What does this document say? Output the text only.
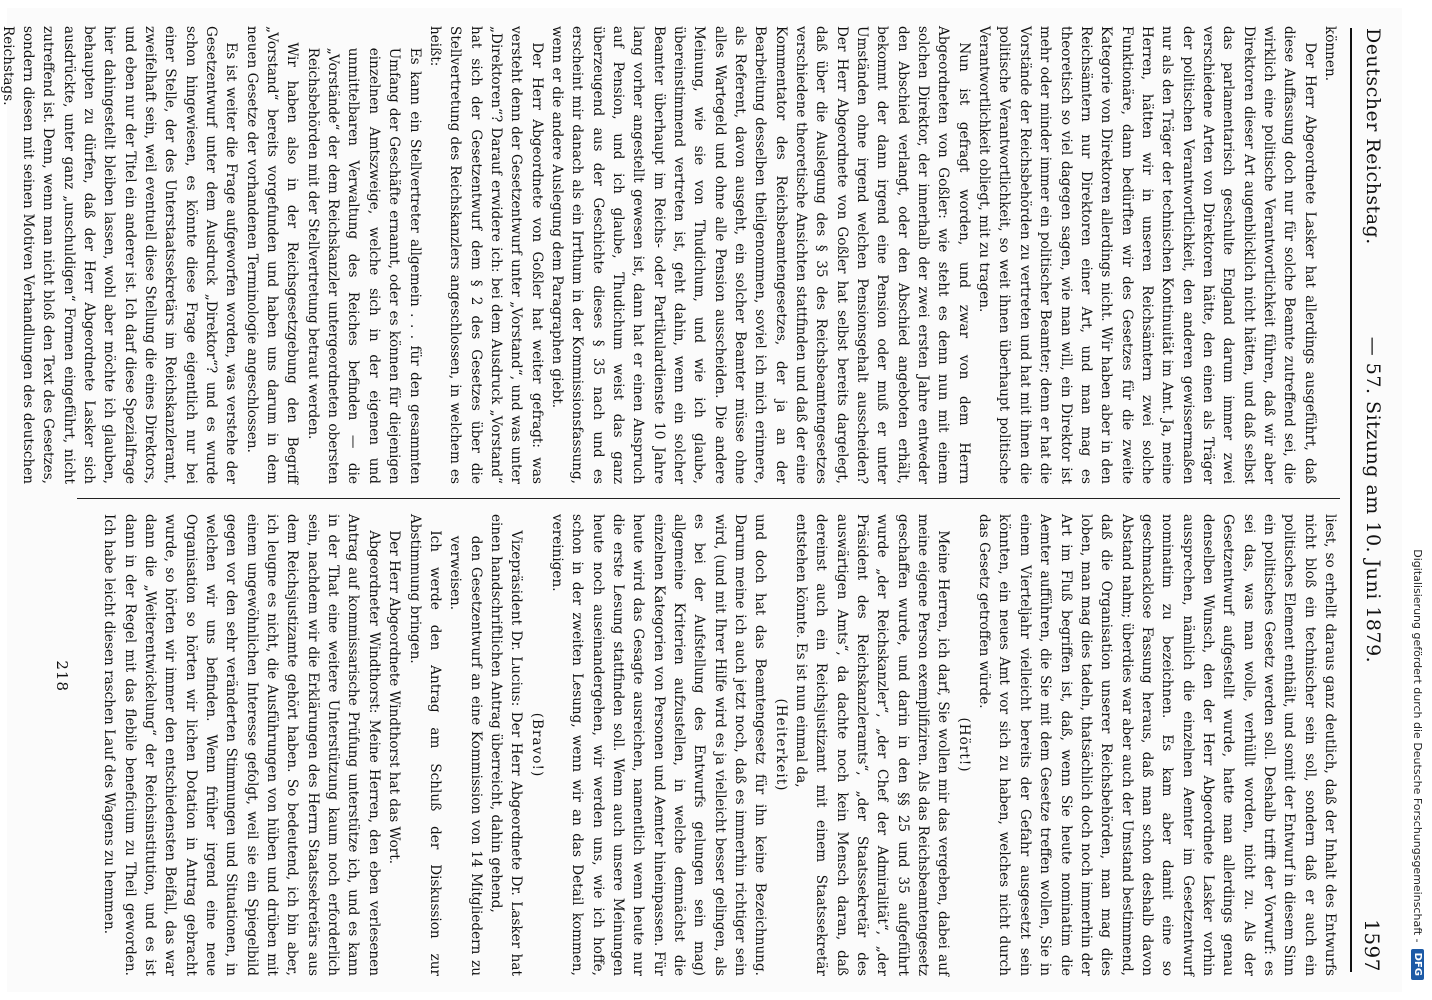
Digitalisierung gefördert durch die Deutsche Forschungsgemeinschaft -
DFG
Deutscher Reichstag.
— 57. Sitzung am 10. Juni 1879.
1597

können.

Der Herr Abgeordnete Lasker hat allerdings ausgeführt, daß diese Auffassung doch nur für solche Beamte zutreffend sei, die wirklich eine politische Verantwortlichkeit führen, daß wir aber Direktoren dieser Art augenblicklich nicht hätten, und daß selbst das parlamentarisch geschulte England darum immer zwei verschiedene Arten von Direktoren hätte, den einen als Träger der politischen Verantwortlichkeit, den anderen gewissermaßen nur als den Träger der technischen Kontinuität im Amt. Ja, meine Herren, hätten wir in unseren Reichsämtern zwei solche Funktionäre, dann bedürften wir des Gesetzes für die zweite Kategorie von Direktoren allerdings nicht. Wir haben aber in den Reichsämtern nur Direktoren einer Art, und man mag es theoretisch so viel dagegen sagen, wie man will, ein Direktor ist mehr oder minder immer ein politischer Beamter; denn er hat die Vorstände der Reichsbehörden zu vertreten und hat mit ihnen die politische Verantwortlichkeit, so weit ihnen überhaupt politische Verantwortlichkeit obliegt, mit zu tragen.

Nun ist gefragt worden, und zwar von dem Herrn Abgeordneten von Goßler: wie steht es denn nun mit einem solchen Direktor, der innerhalb der zwei ersten Jahre entweder den Abschied verlangt, oder den Abschied angeboten erhält, bekommt der dann irgend eine Pension oder muß er unter Umständen ohne irgend welchen Pensionsgehalt ausscheiden? Der Herr Abgeordnete von Goßler hat selbst bereits dargelegt, daß über die Auslegung des § 35 des Reichsbeamtengesetzes verschiedene theoretische Ansichten stattfinden und daß der eine Kommentator des Reichsbeamtengesetzes, der ja an der Bearbeitung desselben theilgenommen, soviel ich mich erinnere, als Referent, davon ausgeht, ein solcher Beamter müsse ohne alles Wartegeld und ohne alle Pension ausscheiden. Die andere Meinung, wie sie von Thudichum, und wie ich glaube, übereinstimmend vertreten ist, geht dahin, wenn ein solcher Beamter überhaupt im Reichs- oder Partikulardienste 10 Jahre lang vorher angestellt gewesen ist, dann hat er einen Anspruch auf Pension, und ich glaube, Thudichum weist das ganz überzeugend aus der Geschichte dieses § 35 nach und es erscheint mir danach als ein Irrthum in der Kommissionsfassung, wenn er die andere Auslegung dem Paragraphen giebt.

Der Herr Abgeordnete von Goßler hat weiter gefragt: was versteht denn der Gesetzentwurf unter „Vorstand“, und was unter „Direktoren“? Darauf erwidere ich: bei dem Ausdruck „Vorstand“ hat sich der Gesetzentwurf dem § 2 des Gesetzes über die Stellvertretung des Reichskanzlers angeschlossen, in welchem es heißt:

Es kann ein Stellvertreter allgemein . . . für den gesammten Umfang der Geschäfte ernannt, oder es können für diejenigen einzelnen Amtszweige, welche sich in der eigenen und unmittelbaren Verwaltung des Reiches befinden — die „Vorstände“ der dem Reichskanzler untergeordneten obersten Reichsbehörden mit der Stellvertretung betraut werden.

Wir haben also in der Reichsgesetzgebung den Begriff „Vorstand“ bereits vorgefunden und haben uns darum in dem neuen Gesetze der vorhandenen Terminologie angeschlossen.

Es ist weiter die Frage aufgeworfen worden, was verstehe der Gesetzentwurf unter dem Ausdruck „Direktor“? und es wurde schon hingewiesen, es könnte diese Frage eigentlich nur bei einer Stelle, der des Unterstaatssekretärs im Reichskanzleramt, zweifelhaft sein, weil eventuell diese Stellung die eines Direktors, und eben nur der Titel ein anderer ist. Ich darf diese Spezialfrage hier dahingestellt bleiben lassen, wohl aber möchte ich glauben, behaupten zu dürfen, daß der Herr Abgeordnete Lasker sich ausdrückte, unter ganz „unschuldigen“ Formen eingeführt, nicht zutreffend ist. Denn, wenn man nicht bloß den Text des Gesetzes, sondern diesen mit seinen Motiven Verhandlungen des deutschen Reichstags.

liest, so erhellt daraus ganz deutlich, daß der Inhalt des Entwurfs nicht bloß ein technischer sein soll, sondern daß er auch ein politisches Element enthält, und somit der Entwurf in diesem Sinn ein politisches Gesetz werden soll. Deshalb trifft der Vorwurf: es sei das, was man wolle, verhüllt worden, nicht zu. Als der Gesetzentwurf aufgestellt wurde, hatte man allerdings genau denselben Wunsch, den der Herr Abgeordnete Lasker vorhin aussprechen, nämlich die einzelnen Aemter im Gesetzentwurf nominatim zu bezeichnen. Es kam aber damit eine so geschmacklose Fassung heraus, daß man schon deshalb davon Abstand nahm; überdies war aber auch der Umstand bestimmend, daß die Organisation unserer Reichsbehörden, man mag dies loben, man mag dies tadeln, thatsächlich doch noch immerhin der Art im Fluß begriffen ist, daß, wenn Sie heute nominatim die Aemter aufführen, die Sie mit dem Gesetze treffen wollen, Sie in einem Vierteljahr vielleicht bereits der Gefahr ausgesetzt sein könnten, ein neues Amt vor sich zu haben, welches nicht durch das Gesetz getroffen würde.

(Hört!)

Meine Herren, ich darf, Sie wollen mir das vergeben, dabei auf meine eigene Person exemplifiziren. Als das Reichsbeamtengesetz geschaffen wurde, und darin in den §§ 25 und 35 aufgeführt wurde „der Reichskanzler“, „der Chef der Admiralität“, „der Präsident des Reichskanzleramts“, „der Staatssekretär des auswärtigen Amts“, da dachte noch kein Mensch daran, daß dereinst auch ein Reichsjustizamt mit einem Staatssekretär entstehen könnte. Es ist nun einmal da,

(Heiterkeit)

und doch hat das Beamtengesetz für ihn keine Bezeichnung. Darum meine ich auch jetzt noch, daß es immerhin richtiger sein wird, (und mit Ihrer Hilfe wird es ja vielleicht besser gelingen, als es bei der Aufstellung des Entwurfs gelungen sein mag) allgemeine Kriterien aufzustellen, in welche demnächst die einzelnen Kategorien von Personen und Aemter hineinpassen. Für heute wird das Gesagte ausreichen, namentlich wenn heute nur die erste Lesung stattfinden soll. Wenn auch unsere Meinungen heute noch auseinandergehen, wir werden uns, wie ich hoffe, schon in der zweiten Lesung, wenn wir an das Detail kommen, vereinigen.

(Bravo!)

Vizepräsident Dr. Lucius: Der Herr Abgeordnete Dr. Lasker hat einen handschriftlichen Antrag überreicht, dahin gehend,

den Gesetzentwurf an eine Kommission von 14 Mitgliedern zu verweisen.

Ich werde den Antrag am Schluß der Diskussion zur Abstimmung bringen.

Der Herr Abgeordnete Windthorst hat das Wort.

Abgeordneter Windthorst: Meine Herren, den eben verlesenen Antrag auf kommissarische Prüfung unterstütze ich, und es kann in der That eine weitere Unterstützung kaum noch erforderlich sein, nachdem wir die Erklärungen des Herrn Staatssekretärs aus dem Reichsjustizamte gehört haben. So bedeutend, ich bin aber, ich leugne es nicht, die Ausführungen von hüben und drüben mit einem ungewöhnlichen Interesse gefolgt, weil sie ein Spiegelbild gegen vor den sehr veränderten Stimmungen und Situationen, in welchen wir uns befinden. Wenn früher irgend eine neue Organisation so hörten wir lichen Dotation in Antrag gebracht wurde, so hörten wir immer den entschiedensten Beifall, das war dann die „Weiterentwickelung“ der Reichsinstitution, und es ist dann in der Regel mit das flebile beneficium zu Theil geworden. Ich habe leicht diesen raschen Lauf des Wagens zu hemmen.

218
